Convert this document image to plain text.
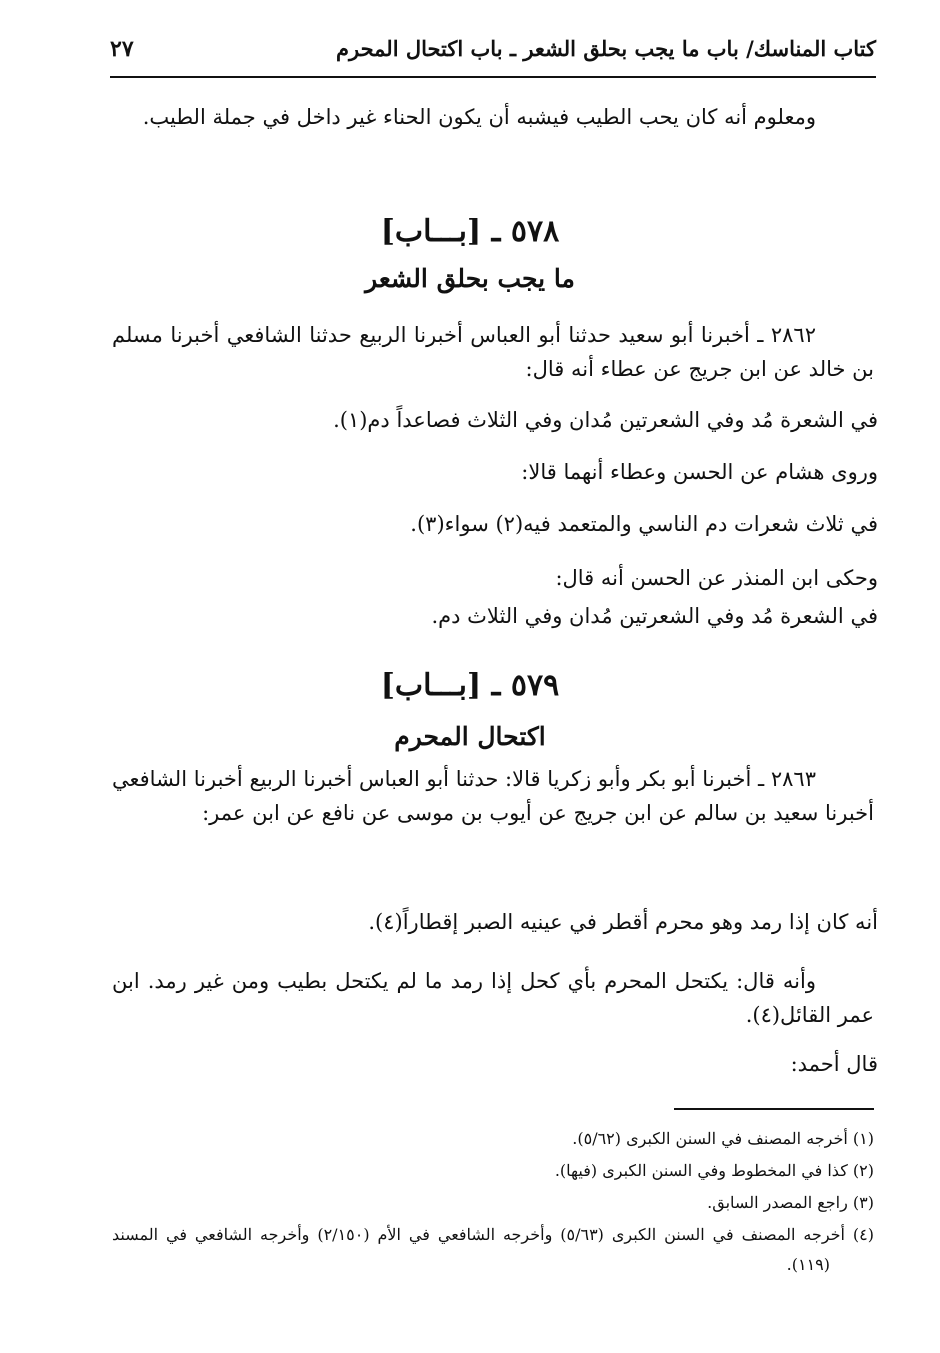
كتاب المناسك/ باب ما يجب بحلق الشعر ـ باب اكتحال المحرم
٢٧
ومعلوم أنه كان يحب الطيب فيشبه أن يكون الحناء غير داخل في جملة الطيب.
٥٧٨ ـ [بـــاب]
ما يجب بحلق الشعر
٢٨٦٢ ـ أخبرنا أبو سعيد حدثنا أبو العباس أخبرنا الربيع حدثنا الشافعي أخبرنا مسلم بن خالد عن ابن جريج عن عطاء أنه قال:
في الشعرة مُد وفي الشعرتين مُدان وفي الثلاث فصاعداً دم(١).
وروى هشام عن الحسن وعطاء أنهما قالا:
في ثلاث شعرات دم الناسي والمتعمد فيه(٢) سواء(٣).
وحكى ابن المنذر عن الحسن أنه قال:
في الشعرة مُد وفي الشعرتين مُدان وفي الثلاث دم.
٥٧٩ ـ [بـــاب]
اكتحال المحرم
٢٨٦٣ ـ أخبرنا أبو بكر وأبو زكريا قالا: حدثنا أبو العباس أخبرنا الربيع أخبرنا الشافعي أخبرنا سعيد بن سالم عن ابن جريج عن أيوب بن موسى عن نافع عن ابن عمر:
أنه كان إذا رمد وهو محرم أقطر في عينيه الصبر إقطاراً(٤).
وأنه قال: يكتحل المحرم بأي كحل إذا رمد ما لم يكتحل بطيب ومن غير رمد. ابن عمر القائل(٤).
قال أحمد:
(١) أخرجه المصنف في السنن الكبرى (٥/٦٢).
(٢) كذا في المخطوط وفي السنن الكبرى (فيها).
(٣) راجع المصدر السابق.
(٤) أخرجه المصنف في السنن الكبرى (٥/٦٣) وأخرجه الشافعي في الأم (٢/١٥٠) وأخرجه الشافعي في المسند (١١٩).
